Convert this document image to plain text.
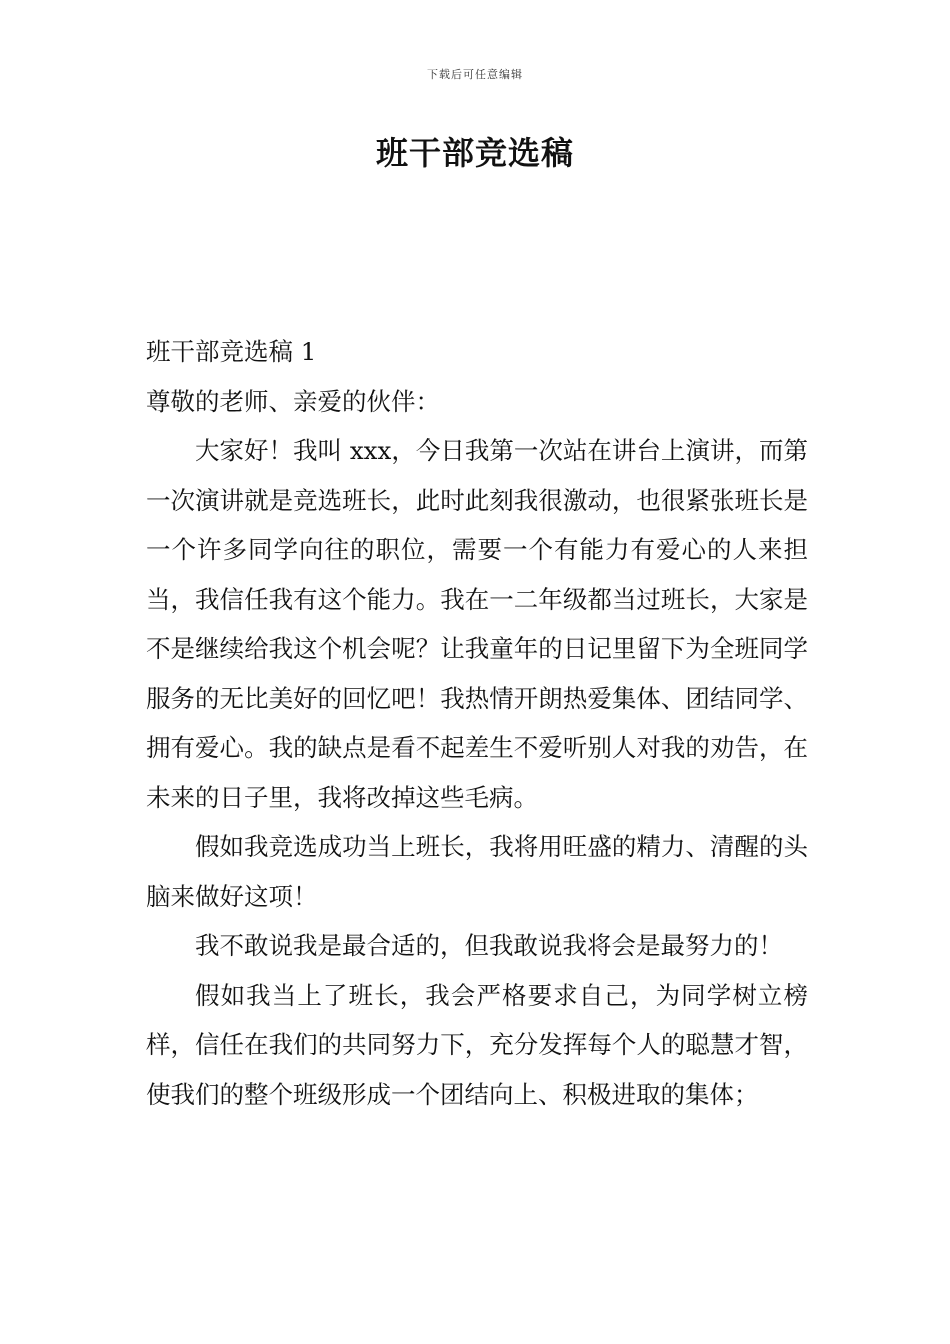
下载后可任意编辑
班干部竞选稿

班干部竞选稿 1

尊敬的老师、亲爱的伙伴：

大家好！我叫 xxx，今日我第一次站在讲台上演讲，而第一次演讲就是竞选班长，此时此刻我很激动，也很紧张班长是一个许多同学向往的职位，需要一个有能力有爱心的人来担当，我信任我有这个能力。我在一二年级都当过班长，大家是不是继续给我这个机会呢？让我童年的日记里留下为全班同学服务的无比美好的回忆吧！我热情开朗热爱集体、团结同学、拥有爱心。我的缺点是看不起差生不爱听别人对我的劝告，在未来的日子里，我将改掉这些毛病。

假如我竞选成功当上班长，我将用旺盛的精力、清醒的头脑来做好这项！

我不敢说我是最合适的，但我敢说我将会是最努力的！

假如我当上了班长，我会严格要求自己，为同学树立榜样，信任在我们的共同努力下，充分发挥每个人的聪慧才智，使我们的整个班级形成一个团结向上、积极进取的集体；
